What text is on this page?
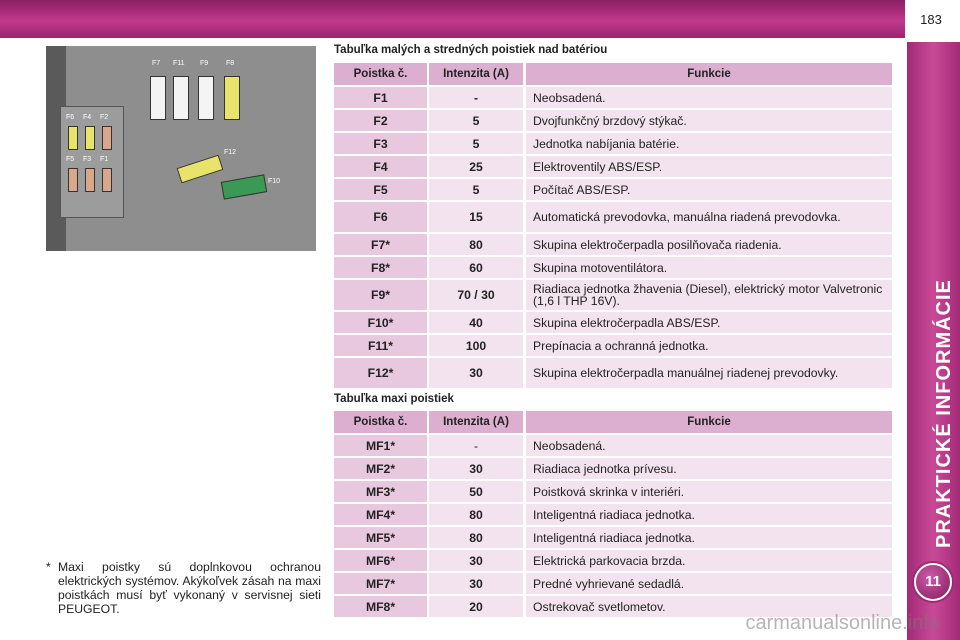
183
PRAKTICKÉ INFORMÁCIE
11
F7 F11 F9	F8
F6 F4 F2
F5 F3 F1
F12
F10
* Maxi poistky sú doplnkovou ochranou elektrických systémov. Akýkoľvek zásah na maxi poistkách musí byť vykonaný v servisnej sieti PEUGEOT.
Tabuľka malých a stredných poistiek nad batériou
Poistka č.	Intenzita (A)	Funkcie
F1	-	Neobsadená.
F2	5	Dvojfunkčný brzdový stýkač.
F3	5	Jednotka nabíjania batérie.
F4	25	Elektroventily ABS/ESP.
F5	5	Počítač ABS/ESP.
F6	15	Automatická prevodovka, manuálna riadená prevodovka.
F7*	80	Skupina elektročerpadla posilňovača riadenia.
F8*	60	Skupina motoventilátora.
F9*	70 / 30	Riadiaca jednotka žhavenia (Diesel), elektrický motor Valvetronic (1,6 l THP 16V).
F10*	40	Skupina elektročerpadla ABS/ESP.
F11*	100	Prepínacia a ochranná jednotka.
F12*	30	Skupina elektročerpadla manuálnej riadenej prevodovky.
Tabuľka maxi poistiek
Poistka č.	Intenzita (A)	Funkcie
MF1*	-	Neobsadená.
MF2*	30	Riadiaca jednotka prívesu.
MF3*	50	Poistková skrinka v interiéri.
MF4*	80	Inteligentná riadiaca jednotka.
MF5*	80	Inteligentná riadiaca jednotka.
MF6*	30	Elektrická parkovacia brzda.
MF7*	30	Predné vyhrievané sedadlá.
MF8*	20	Ostrekovač svetlometov.
carmanualsonline.info
